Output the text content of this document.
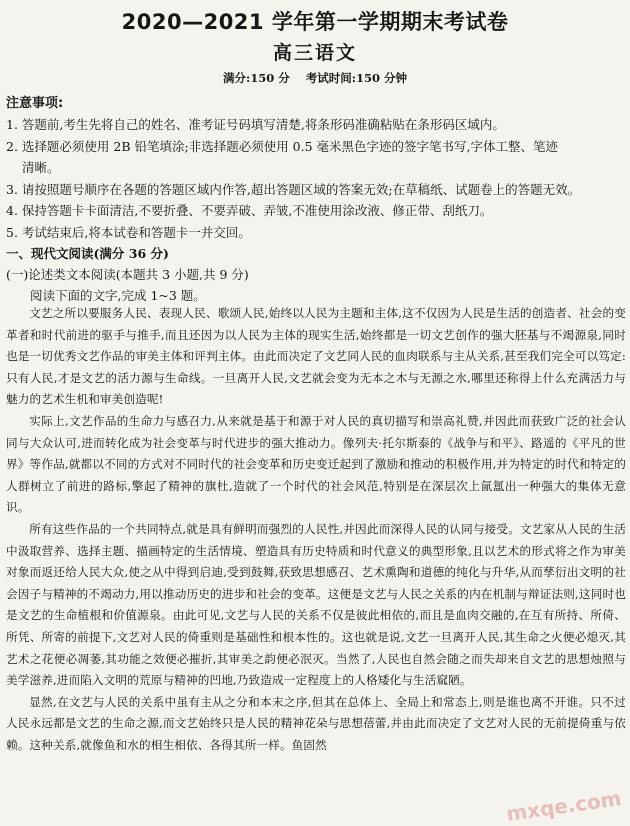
2020—2021 学年第一学期期末考试卷
高三语文
满分:150 分 考试时间:150 分钟
注意事项:

1. 答题前,考生先将自己的姓名、准考证号码填写清楚,将条形码准确粘贴在条形码区域内。

2. 选择题必须使用 2B 铅笔填涂;非选择题必须使用 0.5 毫米黑色字迹的签字笔书写,字体工整、笔迹

清晰。

3. 请按照题号顺序在各题的答题区域内作答,超出答题区域的答案无效;在草稿纸、试题卷上的答题无效。

4. 保持答题卡卡面清洁,不要折叠、不要弄破、弄皱,不准使用涂改液、修正带、刮纸刀。

5. 考试结束后,将本试卷和答题卡一并交回。

一、现代文阅读(满分 36 分)

(一)论述类文本阅读(本题共 3 小题,共 9 分)

阅读下面的文字,完成 1~3 题。

文艺之所以要服务人民、表现人民、歌颂人民,始终以人民为主题和主体,这不仅因为人民是生活的创造者、社会的变革者和时代前进的驱手与推手,而且还因为以人民为主体的现实生活,始终都是一切文艺创作的强大胚基与不竭源泉,同时也是一切优秀文艺作品的审美主体和评判主体。由此而决定了文艺同人民的血肉联系与主从关系,甚至我们完全可以笃定:只有人民,才是文艺的活力源与生命线。一旦离开人民,文艺就会变为无本之木与无源之水,哪里还称得上什么充满活力与魅力的艺术生机和审美创造呢!

实际上,文艺作品的生命力与感召力,从来就是基于和源于对人民的真切描写和崇高礼赞,并因此而获致广泛的社会认同与大众认可,进而转化成为社会变革与时代进步的强大推动力。像列夫·托尔斯泰的《战争与和平》、路遥的《平凡的世界》等作品,就都以不同的方式对不同时代的社会变革和历史变迁起到了激励和推动的积极作用,并为特定的时代和特定的人群树立了前进的路标,擎起了精神的旗杜,造就了一个时代的社会风范,特别是在深层次上氤氲出一种强大的集体无意识。

所有这些作品的一个共同特点,就是具有鲜明而强烈的人民性,并因此而深得人民的认同与接受。文艺家从人民的生活中汲取营养、选择主题、描画特定的生活情境、塑造具有历史特质和时代意义的典型形象,且以艺术的形式将之作为审美对象而返还给人民大众,使之从中得到启迪,受到鼓舞,获致思想感召、艺术熏陶和道德的纯化与升华,从而孳衍出文明的社会因子与精神的不竭动力,用以推动历史的进步和社会的变革。这便是文艺与人民之关系的内在机制与辩证法则,这同时也是文艺的生命植根和价值源泉。由此可见,文艺与人民的关系不仅是彼此相依的,而且是血肉交融的,在互有所持、所倚、所凭、所寄的前提下,文艺对人民的倚重则是基础性和根本性的。这也就是说,文艺一旦离开人民,其生命之火便必熄灭,其艺术之花便必凋萎,其功能之效便必摧折,其审美之韵便必泯灭。当然了,人民也自然会随之而失却来自文艺的思想烛照与美学滋养,进而陷入文明的荒原与精神的凹地,乃致造成一定程度上的人格矮化与生活窳陋。

显然,在文艺与人民的关系中虽有主从之分和本末之序,但其在总体上、全局上和常态上,则是谁也离不开谁。只不过人民永远都是文艺的生命之源,而文艺始终只是人民的精神花朵与思想蓓蕾,并由此而决定了文艺对人民的无前提倚重与依赖。这种关系,就像鱼和水的相生相依、各得其所一样。鱼固然

mxqe.com
